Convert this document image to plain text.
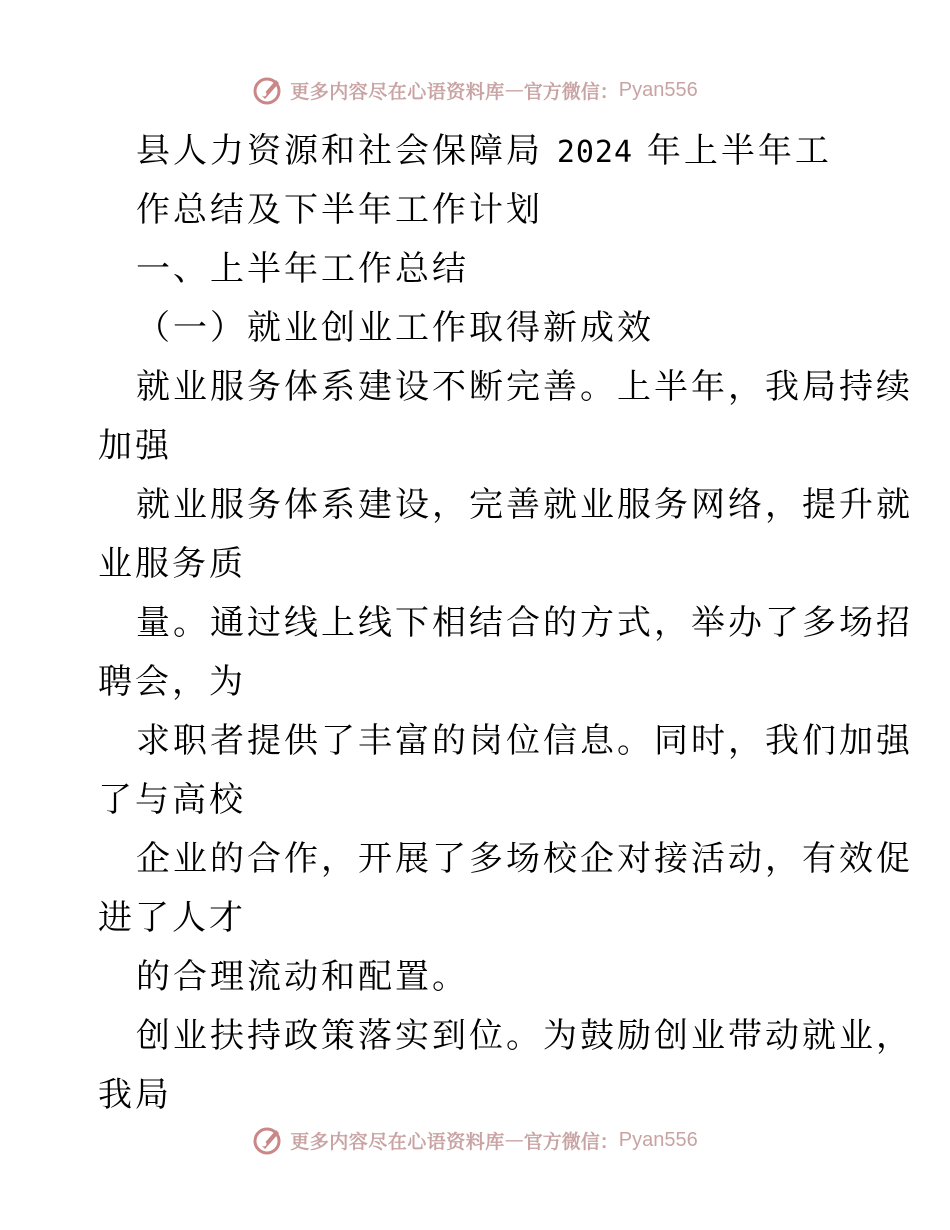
更多内容尽在心语资料库 — 官方微信： Pyan556
县人力资源和社会保障局 2024 年上半年工
作总结及下半年工作计划
一、上半年工作总结
（一）就业创业工作取得新成效
就业服务体系建设不断完善。上半年，我局持续
加强
就业服务体系建设，完善就业服务网络，提升就
业服务质
量。通过线上线下相结合的方式，举办了多场招
聘会，为
求职者提供了丰富的岗位信息。同时，我们加强
了与高校
企业的合作，开展了多场校企对接活动，有效促
进了人才
的合理流动和配置。
创业扶持政策落实到位。为鼓励创业带动就业，
我局
更多内容尽在心语资料库 — 官方微信： Pyan556
